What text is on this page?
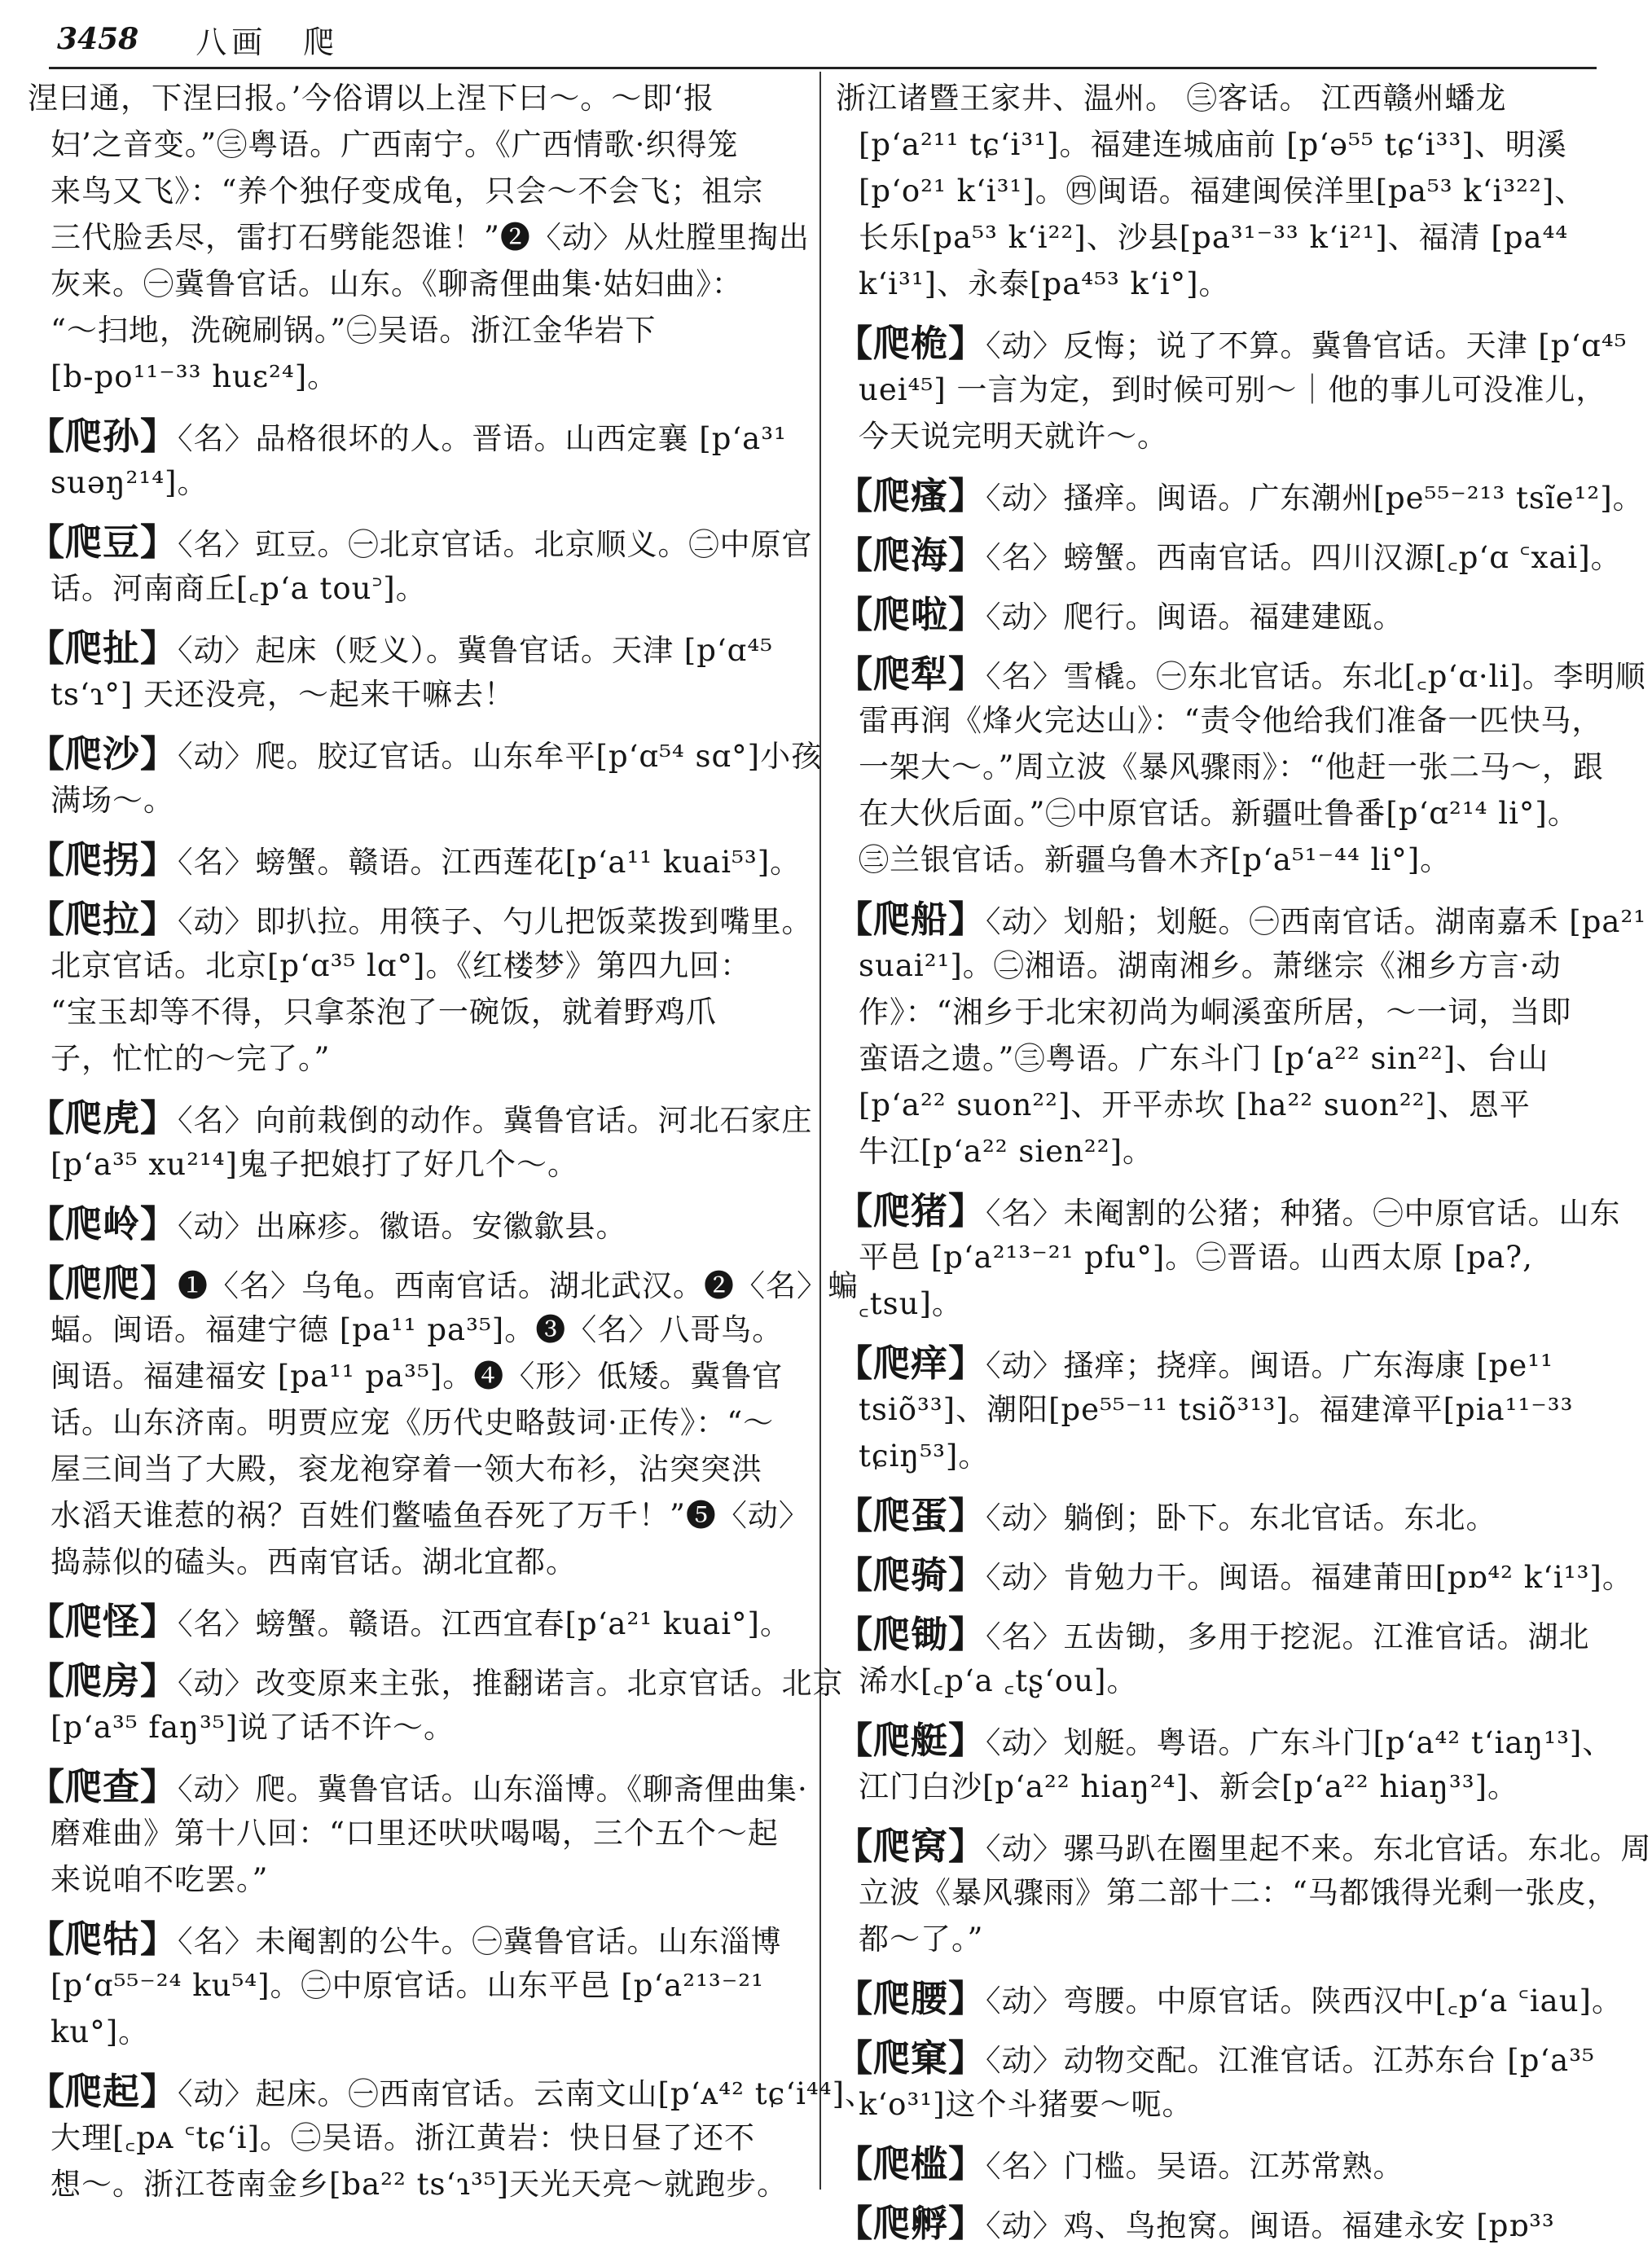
3458 八画　爬
涅曰通，下涅曰报。’今俗谓以上涅下曰～。～即‘报
妇’之音变。”㊂粤语。广西南宁。《广西情歌·织得笼
来鸟又飞》：“养个独仔变成龟，只会～不会飞；祖宗
三代脸丢尽，雷打石劈能怨谁！”❷〈动〉从灶膛里掏出
灰来。㊀冀鲁官话。山东。《聊斋俚曲集·姑妇曲》：
“～扫地，洗碗刷锅。”㊁吴语。浙江金华岩下
[b-po¹¹⁻³³ huɛ²⁴]。
【爬孙】〈名〉品格很坏的人。晋语。山西定襄 [p‘a³¹
suəŋ²¹⁴]。
【爬豆】〈名〉豇豆。㊀北京官话。北京顺义。㊁中原官
话。河南商丘[꜀p‘a tou꜄]。
【爬扯】〈动〉起床（贬义）。冀鲁官话。天津 [p‘ɑ⁴⁵
ts‘ɿ°] 天还没亮，～起来干嘛去！
【爬沙】〈动〉爬。胶辽官话。山东牟平[p‘ɑ⁵⁴ sɑ°]小孩
满场～。
【爬拐】〈名〉螃蟹。赣语。江西莲花[p‘a¹¹ kuai⁵³]。
【爬拉】〈动〉即扒拉。用筷子、勺儿把饭菜拨到嘴里。
北京官话。北京[p‘ɑ³⁵ lɑ°]。《红楼梦》第四九回：
“宝玉却等不得，只拿茶泡了一碗饭，就着野鸡爪
子，忙忙的～完了。”
【爬虎】〈名〉向前栽倒的动作。冀鲁官话。河北石家庄
[p‘a³⁵ xu²¹⁴]鬼子把娘打了好几个～。
【爬岭】〈动〉出麻疹。徽语。安徽歙县。
【爬爬】❶〈名〉乌龟。西南官话。湖北武汉。❷〈名〉蝙
蝠。闽语。福建宁德 [pa¹¹ pa³⁵]。❸〈名〉八哥鸟。
闽语。福建福安 [pa¹¹ pa³⁵]。❹〈形〉低矮。冀鲁官
话。山东济南。明贾应宠《历代史略鼓词·正传》：“～
屋三间当了大殿，衮龙袍穿着一领大布衫，沾突突洪
水滔天谁惹的祸？百姓们鳖嗑鱼吞死了万千！”❺〈动〉
捣蒜似的磕头。西南官话。湖北宜都。
【爬怪】〈名〉螃蟹。赣语。江西宜春[p‘a²¹ kuai°]。
【爬房】〈动〉改变原来主张，推翻诺言。北京官话。北京
[p‘a³⁵ faŋ³⁵]说了话不许～。
【爬查】〈动〉爬。冀鲁官话。山东淄博。《聊斋俚曲集·
磨难曲》第十八回：“口里还吠吠喝喝，三个五个～起
来说咱不吃罢。”
【爬牯】〈名〉未阉割的公牛。㊀冀鲁官话。山东淄博
[p‘ɑ⁵⁵⁻²⁴ ku⁵⁴]。㊁中原官话。山东平邑 [p‘a²¹³⁻²¹
ku°]。
【爬起】〈动〉起床。㊀西南官话。云南文山[p‘ᴀ⁴² tɕ‘i⁴⁴]、
大理[꜀pᴀ ꜂tɕ‘i]。㊁吴语。浙江黄岩：快日昼了还不
想～。浙江苍南金乡[ba²² ts‘ɿ³⁵]天光天亮～就跑步。
浙江诸暨王家井、温州。 ㊂客话。 江西赣州蟠龙
[p‘a²¹¹ tɕ‘i³¹]。福建连城庙前 [p‘ə⁵⁵ tɕ‘i³³]、明溪
[p‘o²¹ k‘i³¹]。㊃闽语。福建闽侯洋里[pa⁵³ k‘i³²²]、
长乐[pa⁵³ k‘i²²]、沙县[pa³¹⁻³³ k‘i²¹]、福清 [pa⁴⁴
k‘i³¹]、永泰[pa⁴⁵³ k‘i°]。
【爬桅】〈动〉反悔；说了不算。冀鲁官话。天津 [p‘ɑ⁴⁵
uei⁴⁵] 一言为定，到时候可别～｜他的事儿可没准儿，
今天说完明天就许～。
【爬瘙】〈动〉搔痒。闽语。广东潮州[pe⁵⁵⁻²¹³ tsĩe¹²]。
【爬海】〈名〉螃蟹。西南官话。四川汉源[꜀p‘ɑ ꜂xai]。
【爬啦】〈动〉爬行。闽语。福建建瓯。
【爬犁】〈名〉雪橇。㊀东北官话。东北[꜀p‘ɑ·li]。李明顺
雷再润《烽火完达山》：“责令他给我们准备一匹快马，
一架大～。”周立波《暴风骤雨》：“他赶一张二马～，跟
在大伙后面。”㊁中原官话。新疆吐鲁番[p‘ɑ²¹⁴ li°]。
㊂兰银官话。新疆乌鲁木齐[p‘a⁵¹⁻⁴⁴ li°]。
【爬船】〈动〉划船；划艇。㊀西南官话。湖南嘉禾 [pa²¹
suai²¹]。㊁湘语。湖南湘乡。萧继宗《湘乡方言·动
作》：“湘乡于北宋初尚为峒溪蛮所居，～一词，当即
蛮语之遗。”㊂粤语。广东斗门 [p‘a²² sin²²]、台山
[p‘a²² suon²²]、开平赤坎 [ha²² suon²²]、恩平
牛江[p‘a²² sien²²]。
【爬猪】〈名〉未阉割的公猪；种猪。㊀中原官话。山东
平邑 [p‘a²¹³⁻²¹ pfu°]。㊁晋语。山西太原 [pa?,
꜀tsu]。
【爬痒】〈动〉搔痒；挠痒。闽语。广东海康 [pe¹¹
tsiõ³³]、潮阳[pe⁵⁵⁻¹¹ tsiõ³¹³]。福建漳平[pia¹¹⁻³³
tɕiŋ⁵³]。
【爬蛋】〈动〉躺倒；卧下。东北官话。东北。
【爬骑】〈动〉肯勉力干。闽语。福建莆田[pɒ⁴² k‘i¹³]。
【爬锄】〈名〉五齿锄，多用于挖泥。江淮官话。湖北
浠水[꜀p‘a ꜀tʂ‘ou]。
【爬艇】〈动〉划艇。粤语。广东斗门[p‘a⁴² t‘iaŋ¹³]、
江门白沙[p‘a²² hiaŋ²⁴]、新会[p‘a²² hiaŋ³³]。
【爬窝】〈动〉骡马趴在圈里起不来。东北官话。东北。周
立波《暴风骤雨》第二部十二：“马都饿得光剩一张皮，
都～了。”
【爬腰】〈动〉弯腰。中原官话。陕西汉中[꜀p‘a ꜂iau]。
【爬窠】〈动〉动物交配。江淮官话。江苏东台 [p‘a³⁵
k‘o³¹]这个斗猪要～呃。
【爬槛】〈名〉门槛。吴语。江苏常熟。
【爬孵】〈动〉鸡、鸟抱窝。闽语。福建永安 [pɒ³³
